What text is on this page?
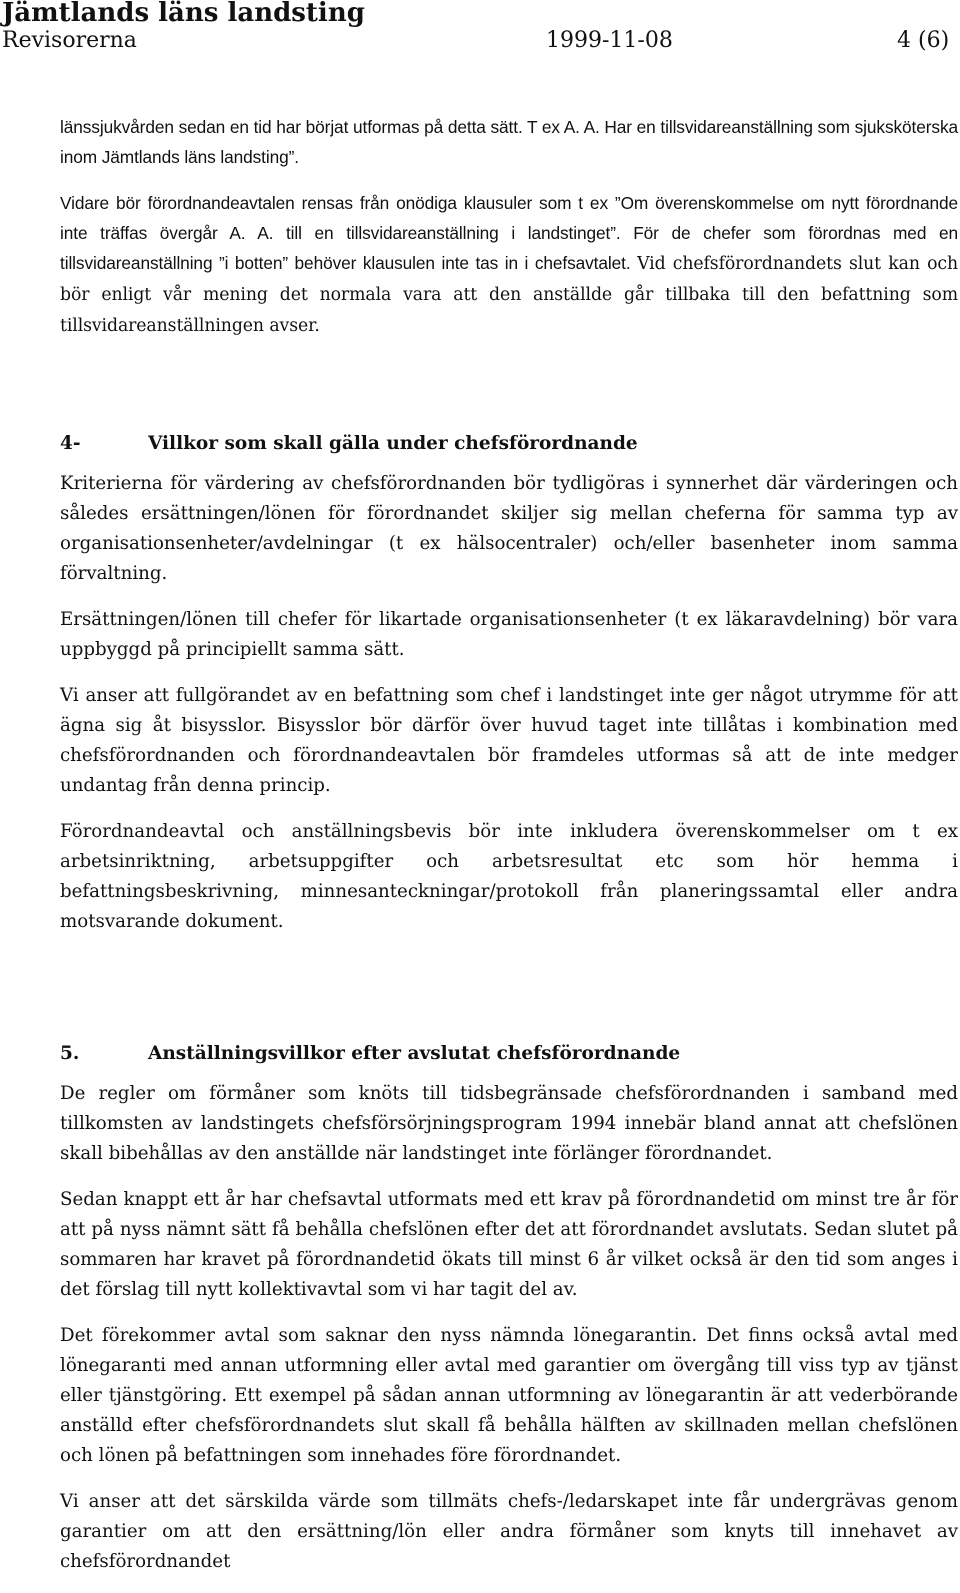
Jämtlands läns landsting
Revisorerna	1999-11-08	4 (6)

länssjukvården sedan en tid har börjat utformas på detta sätt. T ex A. A. Har en tillsvidareanställning som sjuksköterska inom Jämtlands läns landsting”.

Vidare bör förordnandeavtalen rensas från onödiga klausuler som t ex ”Om överenskommelse om nytt förordnande inte träffas övergår A. A. till en tillsvidareanställning i landstinget”. För de chefer som förordnas med en tillsvidareanställning ”i botten” behöver klausulen inte tas in i chefsavtalet. Vid chefsförordnandets slut kan och bör enligt vår mening det normala vara att den anställde går tillbaka till den befattning som tillsvidareanställningen avser.

4-	Villkor som skall gälla under chefsförordnande

Kriterierna för värdering av chefsförordnanden bör tydligöras i synnerhet där värderingen och således ersättningen/lönen för förordnandet skiljer sig mellan cheferna för samma typ av organisationsenheter/avdelningar (t ex hälsocentraler) och/eller basenheter inom samma förvaltning.

Ersättningen/lönen till chefer för likartade organisationsenheter (t ex läkaravdelning) bör vara uppbyggd på principiellt samma sätt.

Vi anser att fullgörandet av en befattning som chef i landstinget inte ger något utrymme för att ägna sig åt bisysslor. Bisysslor bör därför över huvud taget inte tillåtas i kombination med chefsförordnanden och förordnandeavtalen bör framdeles utformas så att de inte medger undantag från denna princip.

Förordnandeavtal och anställningsbevis bör inte inkludera överenskommelser om t ex arbetsinriktning, arbetsuppgifter och arbetsresultat etc som hör hemma i befattningsbeskrivning, minnesanteckningar/protokoll från planeringssamtal eller andra motsvarande dokument.

5.	Anställningsvillkor efter avslutat chefsförordnande

De regler om förmåner som knöts till tidsbegränsade chefsförordnanden i samband med tillkomsten av landstingets chefsförsörjningsprogram 1994 innebär bland annat att chefslönen skall bibehållas av den anställde när landstinget inte förlänger förordnandet.

Sedan knappt ett år har chefsavtal utformats med ett krav på förordnandetid om minst tre år för att på nyss nämnt sätt få behålla chefslönen efter det att förordnandet avslutats. Sedan slutet på sommaren har kravet på förordnandetid ökats till minst 6 år vilket också är den tid som anges i det förslag till nytt kollektivavtal som vi har tagit del av.

Det förekommer avtal som saknar den nyss nämnda lönegarantin. Det finns också avtal med lönegaranti med annan utformning eller avtal med garantier om övergång till viss typ av tjänst eller tjänstgöring. Ett exempel på sådan annan utformning av lönegarantin är att vederbörande anställd efter chefsförordnandets slut skall få behålla hälften av skillnaden mellan chefslönen och lönen på befattningen som innehades före förordnandet.

Vi anser att det särskilda värde som tillmäts chefs-/ledarskapet inte får undergrävas genom garantier om att den ersättning/lön eller andra förmåner som knyts till innehavet av chefsförordnandet
